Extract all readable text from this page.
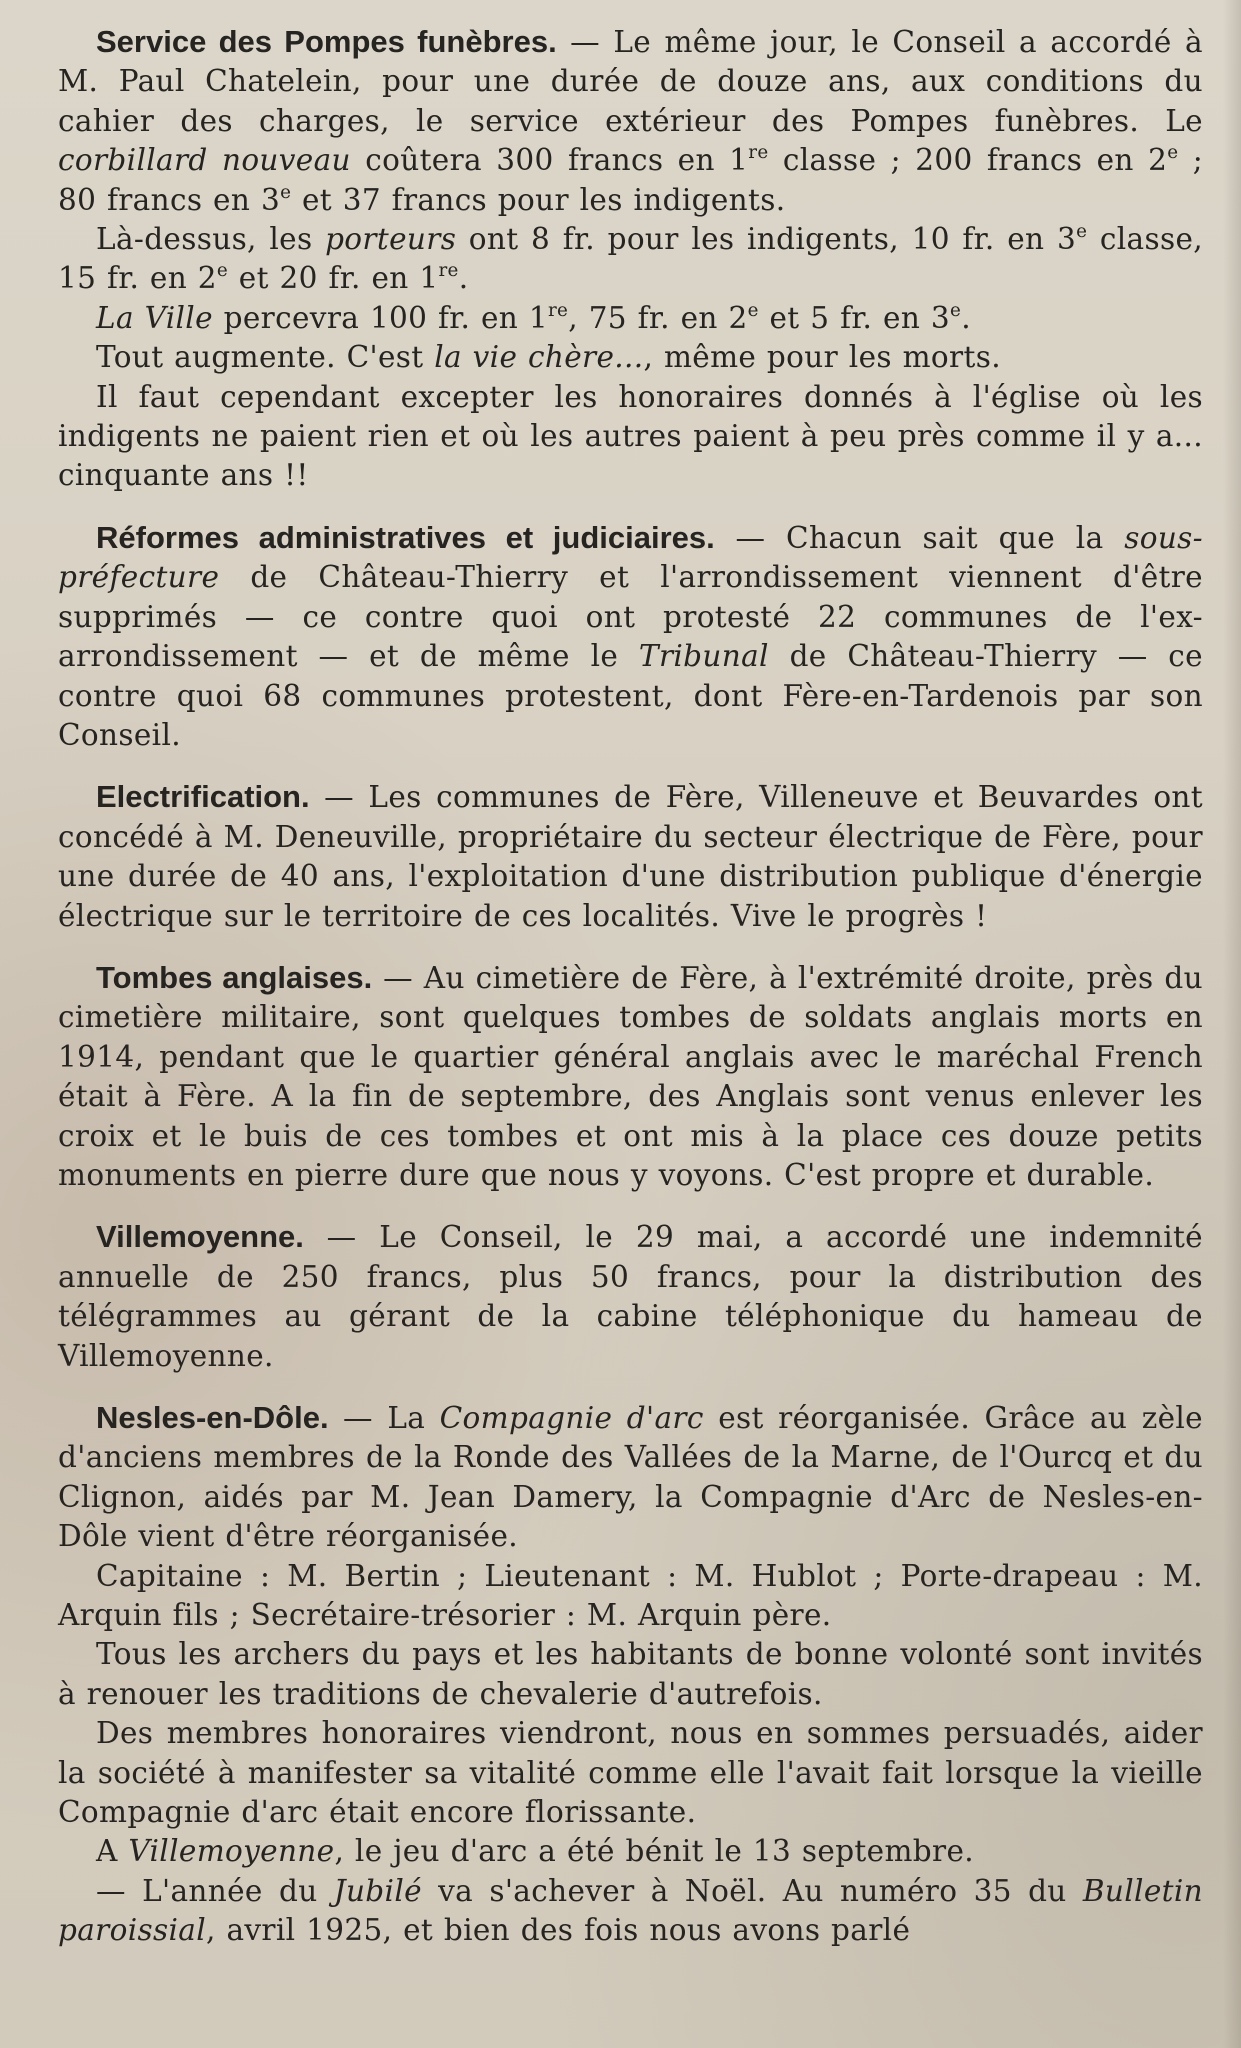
Service des Pompes funèbres. — Le même jour, le Conseil a accordé à M. Paul Chatelein, pour une durée de douze ans, aux conditions du cahier des charges, le service extérieur des Pompes funèbres. Le corbillard nouveau coûtera 300 francs en 1re classe ; 200 francs en 2e ; 80 francs en 3e et 37 francs pour les indigents.

Là-dessus, les porteurs ont 8 fr. pour les indigents, 10 fr. en 3e classe, 15 fr. en 2e et 20 fr. en 1re.

La Ville percevra 100 fr. en 1re, 75 fr. en 2e et 5 fr. en 3e.

Tout augmente. C'est la vie chère..., même pour les morts.

Il faut cependant excepter les honoraires donnés à l'église où les indigents ne paient rien et où les autres paient à peu près comme il y a... cinquante ans !!

Réformes administratives et judiciaires. — Chacun sait que la sous-préfecture de Château-Thierry et l'arrondissement viennent d'être supprimés — ce contre quoi ont protesté 22 communes de l'ex-arrondissement — et de même le Tribunal de Château-Thierry — ce contre quoi 68 communes protestent, dont Fère-en-Tardenois par son Conseil.

Electrification. — Les communes de Fère, Villeneuve et Beuvardes ont concédé à M. Deneuville, propriétaire du secteur électrique de Fère, pour une durée de 40 ans, l'exploitation d'une distribution publique d'énergie électrique sur le territoire de ces localités. Vive le progrès !

Tombes anglaises. — Au cimetière de Fère, à l'extrémité droite, près du cimetière militaire, sont quelques tombes de soldats anglais morts en 1914, pendant que le quartier général anglais avec le maréchal French était à Fère. A la fin de septembre, des Anglais sont venus enlever les croix et le buis de ces tombes et ont mis à la place ces douze petits monuments en pierre dure que nous y voyons. C'est propre et durable.

Villemoyenne. — Le Conseil, le 29 mai, a accordé une indemnité annuelle de 250 francs, plus 50 francs, pour la distribution des télégrammes au gérant de la cabine téléphonique du hameau de Villemoyenne.

Nesles-en-Dôle. — La Compagnie d'arc est réorganisée. Grâce au zèle d'anciens membres de la Ronde des Vallées de la Marne, de l'Ourcq et du Clignon, aidés par M. Jean Damery, la Compagnie d'Arc de Nesles-en-Dôle vient d'être réorganisée.

Capitaine : M. Bertin ; Lieutenant : M. Hublot ; Porte-drapeau : M. Arquin fils ; Secrétaire-trésorier : M. Arquin père.

Tous les archers du pays et les habitants de bonne volonté sont invités à renouer les traditions de chevalerie d'autrefois.

Des membres honoraires viendront, nous en sommes persuadés, aider la société à manifester sa vitalité comme elle l'avait fait lorsque la vieille Compagnie d'arc était encore florissante.

A Villemoyenne, le jeu d'arc a été bénit le 13 septembre.

— L'année du Jubilé va s'achever à Noël. Au numéro 35 du Bulletin paroissial, avril 1925, et bien des fois nous avons parlé
